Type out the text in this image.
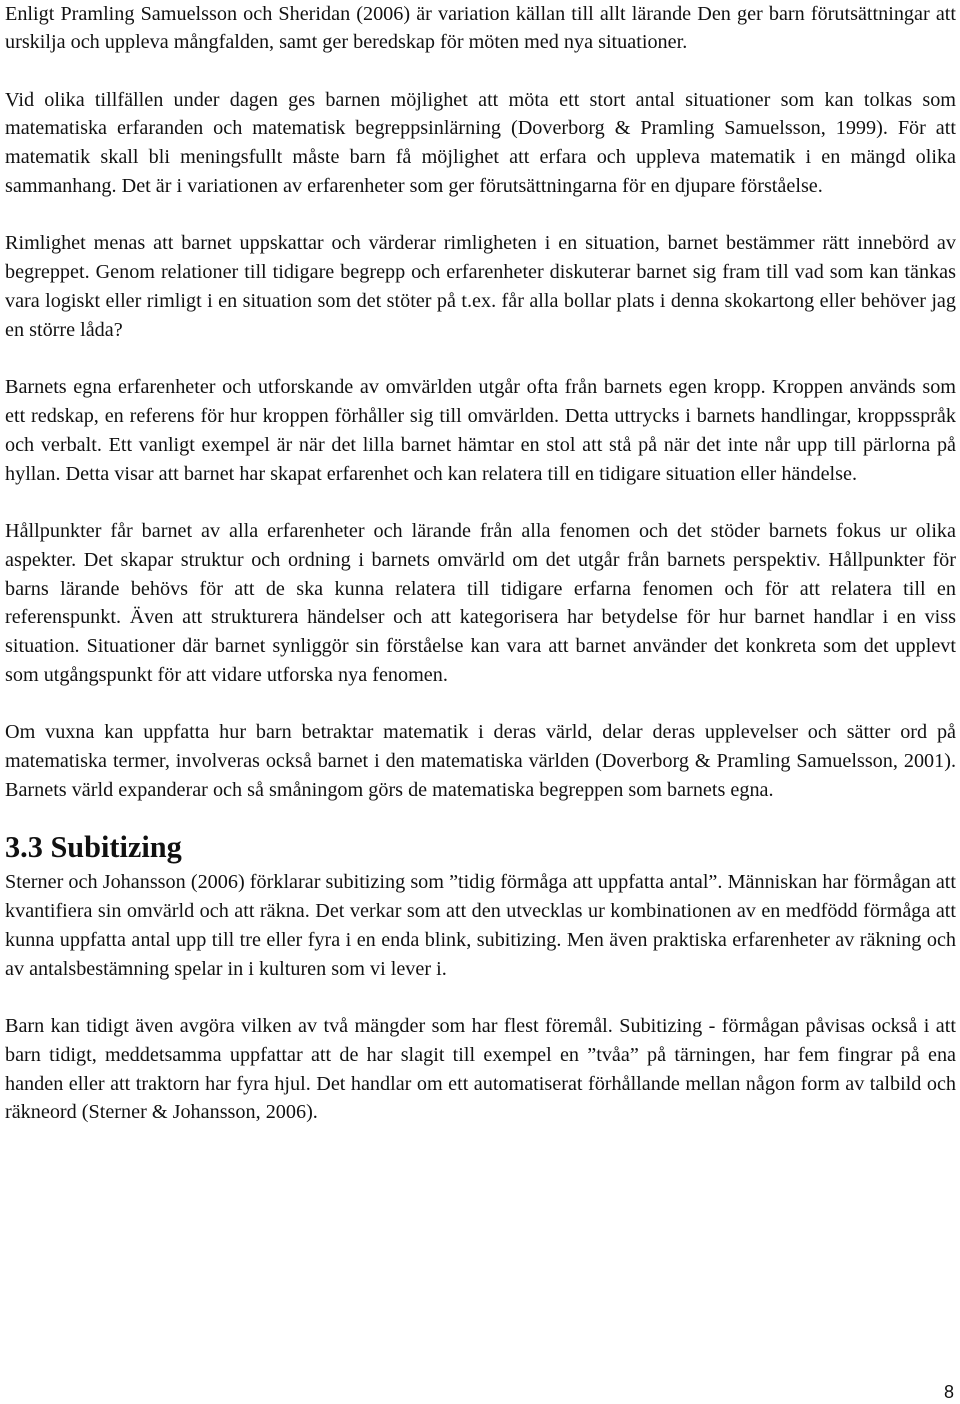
Enligt Pramling Samuelsson och Sheridan (2006) är variation källan till allt lärande Den ger barn förutsättningar att urskilja och uppleva mångfalden, samt ger beredskap för möten med nya situationer.

Vid olika tillfällen under dagen ges barnen möjlighet att möta ett stort antal situationer som kan tolkas som matematiska erfaranden och matematisk begreppsinlärning (Doverborg & Pramling Samuelsson, 1999). För att matematik skall bli meningsfullt måste barn få möjlighet att erfara och uppleva matematik i en mängd olika sammanhang. Det är i variationen av erfarenheter som ger förutsättningarna för en djupare förståelse.

Rimlighet menas att barnet uppskattar och värderar rimligheten i en situation, barnet bestämmer rätt innebörd av begreppet. Genom relationer till tidigare begrepp och erfarenheter diskuterar barnet sig fram till vad som kan tänkas vara logiskt eller rimligt i en situation som det stöter på t.ex. får alla bollar plats i denna skokartong eller behöver jag en större låda?

Barnets egna erfarenheter och utforskande av omvärlden utgår ofta från barnets egen kropp. Kroppen används som ett redskap, en referens för hur kroppen förhåller sig till omvärlden. Detta uttrycks i barnets handlingar, kroppsspråk och verbalt. Ett vanligt exempel är när det lilla barnet hämtar en stol att stå på när det inte når upp till pärlorna på hyllan. Detta visar att barnet har skapat erfarenhet och kan relatera till en tidigare situation eller händelse.

Hållpunkter får barnet av alla erfarenheter och lärande från alla fenomen och det stöder barnets fokus ur olika aspekter. Det skapar struktur och ordning i barnets omvärld om det utgår från barnets perspektiv. Hållpunkter för barns lärande behövs för att de ska kunna relatera till tidigare erfarna fenomen och för att relatera till en referenspunkt. Även att strukturera händelser och att kategorisera har betydelse för hur barnet handlar i en viss situation. Situationer där barnet synliggör sin förståelse kan vara att barnet använder det konkreta som det upplevt som utgångspunkt för att vidare utforska nya fenomen.

Om vuxna kan uppfatta hur barn betraktar matematik i deras värld, delar deras upplevelser och sätter ord på matematiska termer, involveras också barnet i den matematiska världen (Doverborg & Pramling Samuelsson, 2001). Barnets värld expanderar och så småningom görs de matematiska begreppen som barnets egna.

3.3 Subitizing

Sterner och Johansson (2006) förklarar subitizing som ”tidig förmåga att uppfatta antal”. Människan har förmågan att kvantifiera sin omvärld och att räkna. Det verkar som att den utvecklas ur kombinationen av en medfödd förmåga att kunna uppfatta antal upp till tre eller fyra i en enda blink, subitizing. Men även praktiska erfarenheter av räkning och av antalsbestämning spelar in i kulturen som vi lever i.

Barn kan tidigt även avgöra vilken av två mängder som har flest föremål. Subitizing - förmågan påvisas också i att barn tidigt, meddetsamma uppfattar att de har slagit till exempel en ”tvåa” på tärningen, har fem fingrar på ena handen eller att traktorn har fyra hjul. Det handlar om ett automatiserat förhållande mellan någon form av talbild och räkneord (Sterner & Johansson, 2006).

8
